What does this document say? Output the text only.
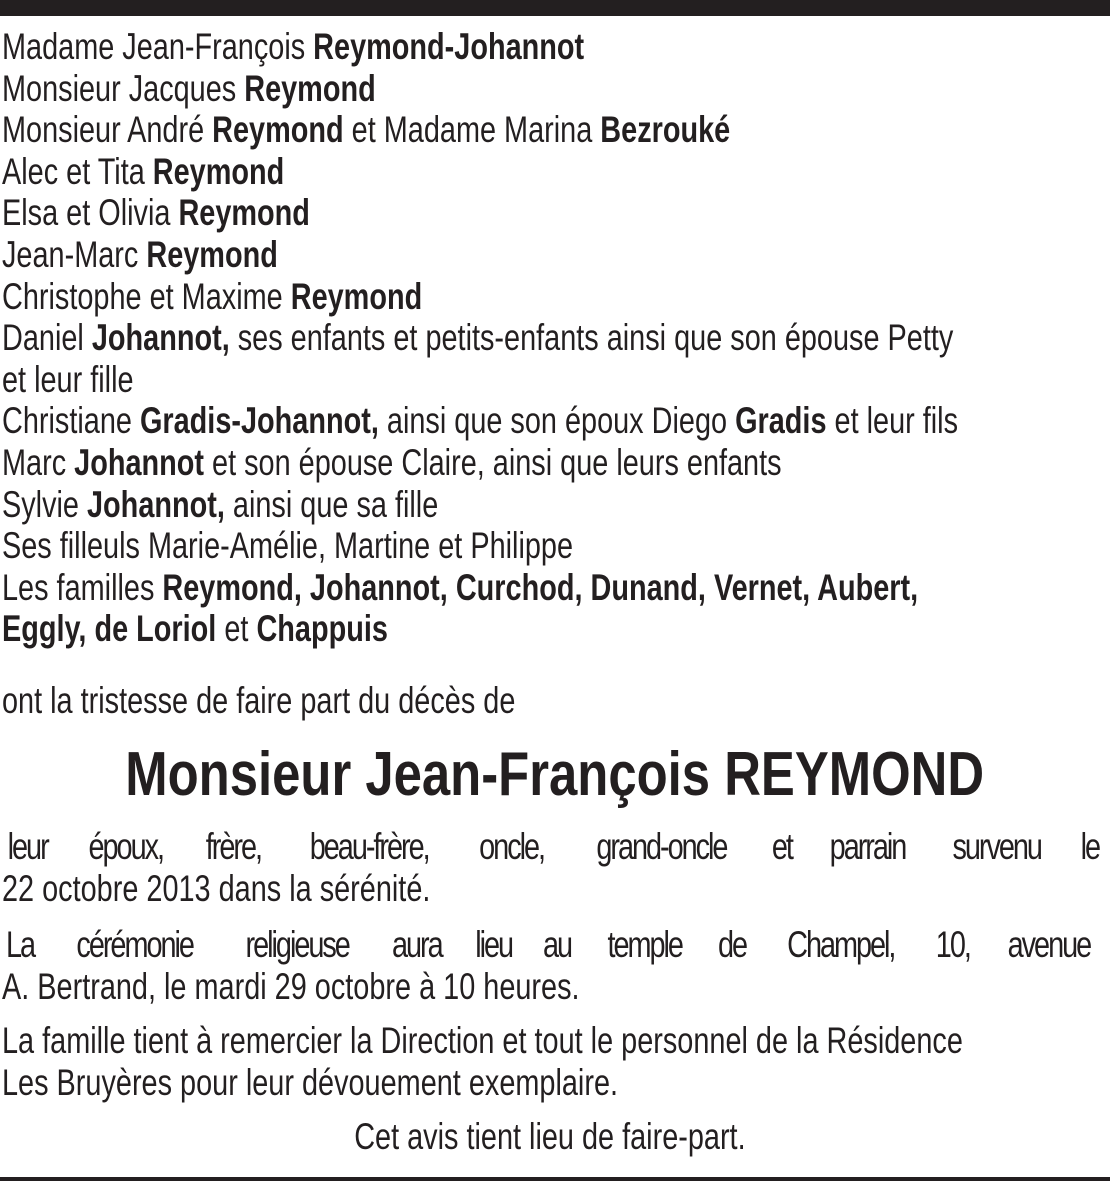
Madame Jean-François Reymond-Johannot
Monsieur Jacques Reymond
Monsieur André Reymond et Madame Marina Bezrouké
Alec et Tita Reymond
Elsa et Olivia Reymond
Jean-Marc Reymond
Christophe et Maxime Reymond
Daniel Johannot, ses enfants et petits-enfants ainsi que son épouse Petty
et leur fille
Christiane Gradis-Johannot, ainsi que son époux Diego Gradis et leur fils
Marc Johannot et son épouse Claire, ainsi que leurs enfants
Sylvie Johannot, ainsi que sa fille
Ses filleuls Marie-Amélie, Martine et Philippe
Les familles Reymond, Johannot, Curchod, Dunand, Vernet, Aubert,
Eggly, de Loriol et Chappuis
ont la tristesse de faire part du décès de
Monsieur Jean-François REYMOND
leur époux, frère, beau-frère, oncle, grand-oncle et parrain survenu le
22 octobre 2013 dans la sérénité.
La cérémonie religieuse aura lieu au temple de Champel, 10, avenue
A. Bertrand, le mardi 29 octobre à 10 heures.
La famille tient à remercier la Direction et tout le personnel de la Résidence
Les Bruyères pour leur dévouement exemplaire.
Cet avis tient lieu de faire-part.
